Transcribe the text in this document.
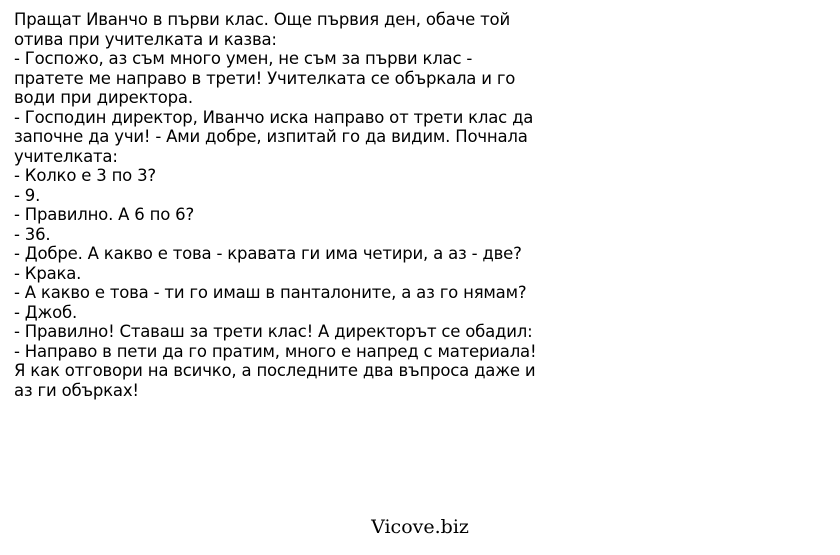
Пращат Иванчо в първи клас. Още първия ден, обаче той
отива при учителката и казва:
- Госпожо, аз съм много умен, не съм за първи клас -
пратете ме направо в трети! Учителката се объркала и го
води при директора.
- Господин директор, Иванчо иска направо от трети клас да
започне да учи! - Ами добре, изпитай го да видим. Почнала
учителката:
- Колко е 3 по 3?
- 9.
- Правилно. А 6 по 6?
- 36.
- Добре. А какво е това - кравата ги има четири, а аз - две?
- Крака.
- А какво е това - ти го имаш в панталоните, а аз го нямам?
- Джоб.
- Правилно! Ставаш за трети клас! А директорът се обадил:
- Направо в пети да го пратим, много е напред с материала!
Я как отговори на всичко, а последните два въпроса даже и
аз ги обърках!
Vicove.biz
